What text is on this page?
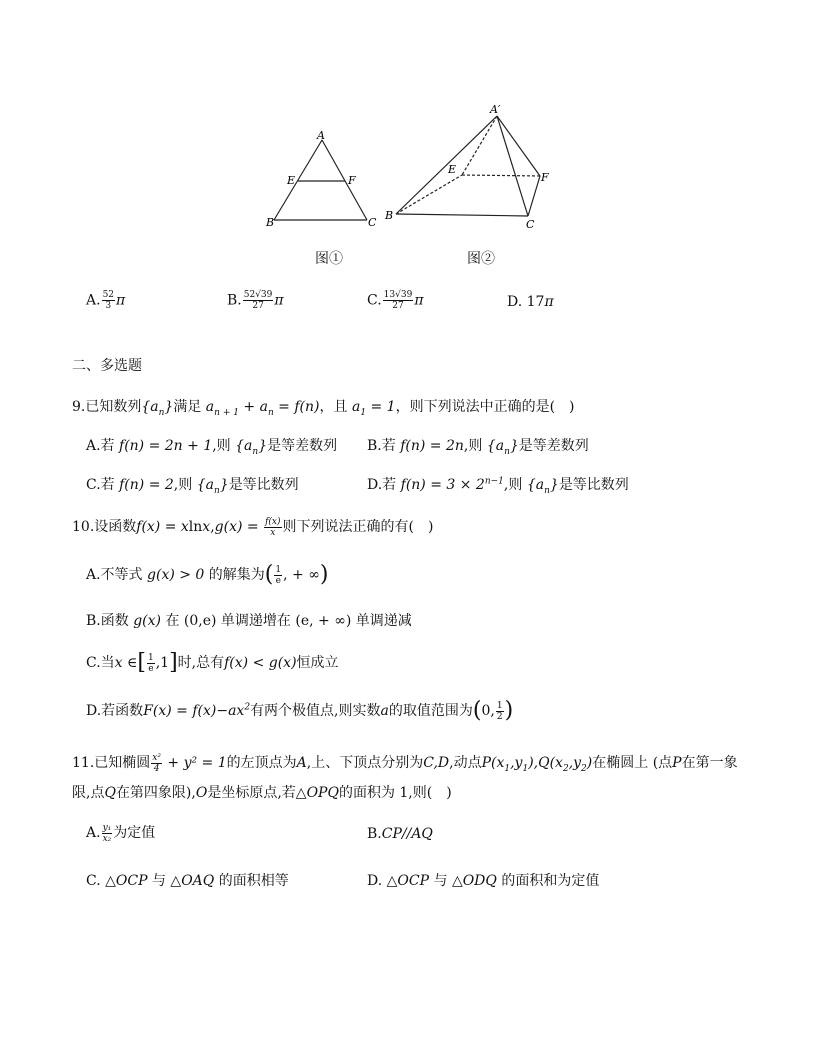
A
E	F
B	C
A′
E
F
B
C
图①	图②
A. $\frac{52}{3}$ π	B. $\frac{52√39}{27}$ π	C. $\frac{13√39}{27}$ π	D. 17π
二、多选题
9.已知数列$\{a_n\}$满足 $a_{n + 1} + a_n = f(n)$，且 $a_1 = 1$，则下列说法中正确的是(　)
A.若 f(n) = 2n + 1,则 $\{a_n\}$是等差数列 B.若 f(n) = 2n,则 $\{a_n\}$是等差数列
C.若 f(n) = 2,则 $\{a_n\}$是等比数列	D.若 $f(n) = 3 \times 2^{n-1}$,则 $\{a_n\}$是等比数列
10.设函数$f(x) = xlnx,g(x) = \frac{f(x)}{x}$ 则下列说法正确的有(　)
A.不等式 g(x) > 0 的解集为( $\frac{1}{e}$ , + ∞)
B.函数 g(x) 在 (0,e) 单调递增在 (e, + ∞) 单调递减
C.当x ∈[ $\frac{1}{e} ,1$]时,总有f(x) < g(x)恒成立
D.若函数$F(x) = f(x)-ax^2$有两个极值点,则实数a的取值范围为(0, $\frac{1}{2}$ )
11.已知椭圆 $\frac{\text{x²}}{4} + y^2 = 1$的左顶点为A,上、下顶点分别为C,D,动点$P(x_1,y_1),Q(x_2,y_2)$在椭圆上 (点P在第一象
限,点Q在第四象限),O是坐标原点,若△OPQ的面积为 1,则(　)
A. $\frac{\text{y₁}}{\text{x₂}}$ 为定值	B.CP//AQ
C. △OCP 与 △OAQ 的面积相等	D. △OCP 与 △ODQ 的面积和为定值
